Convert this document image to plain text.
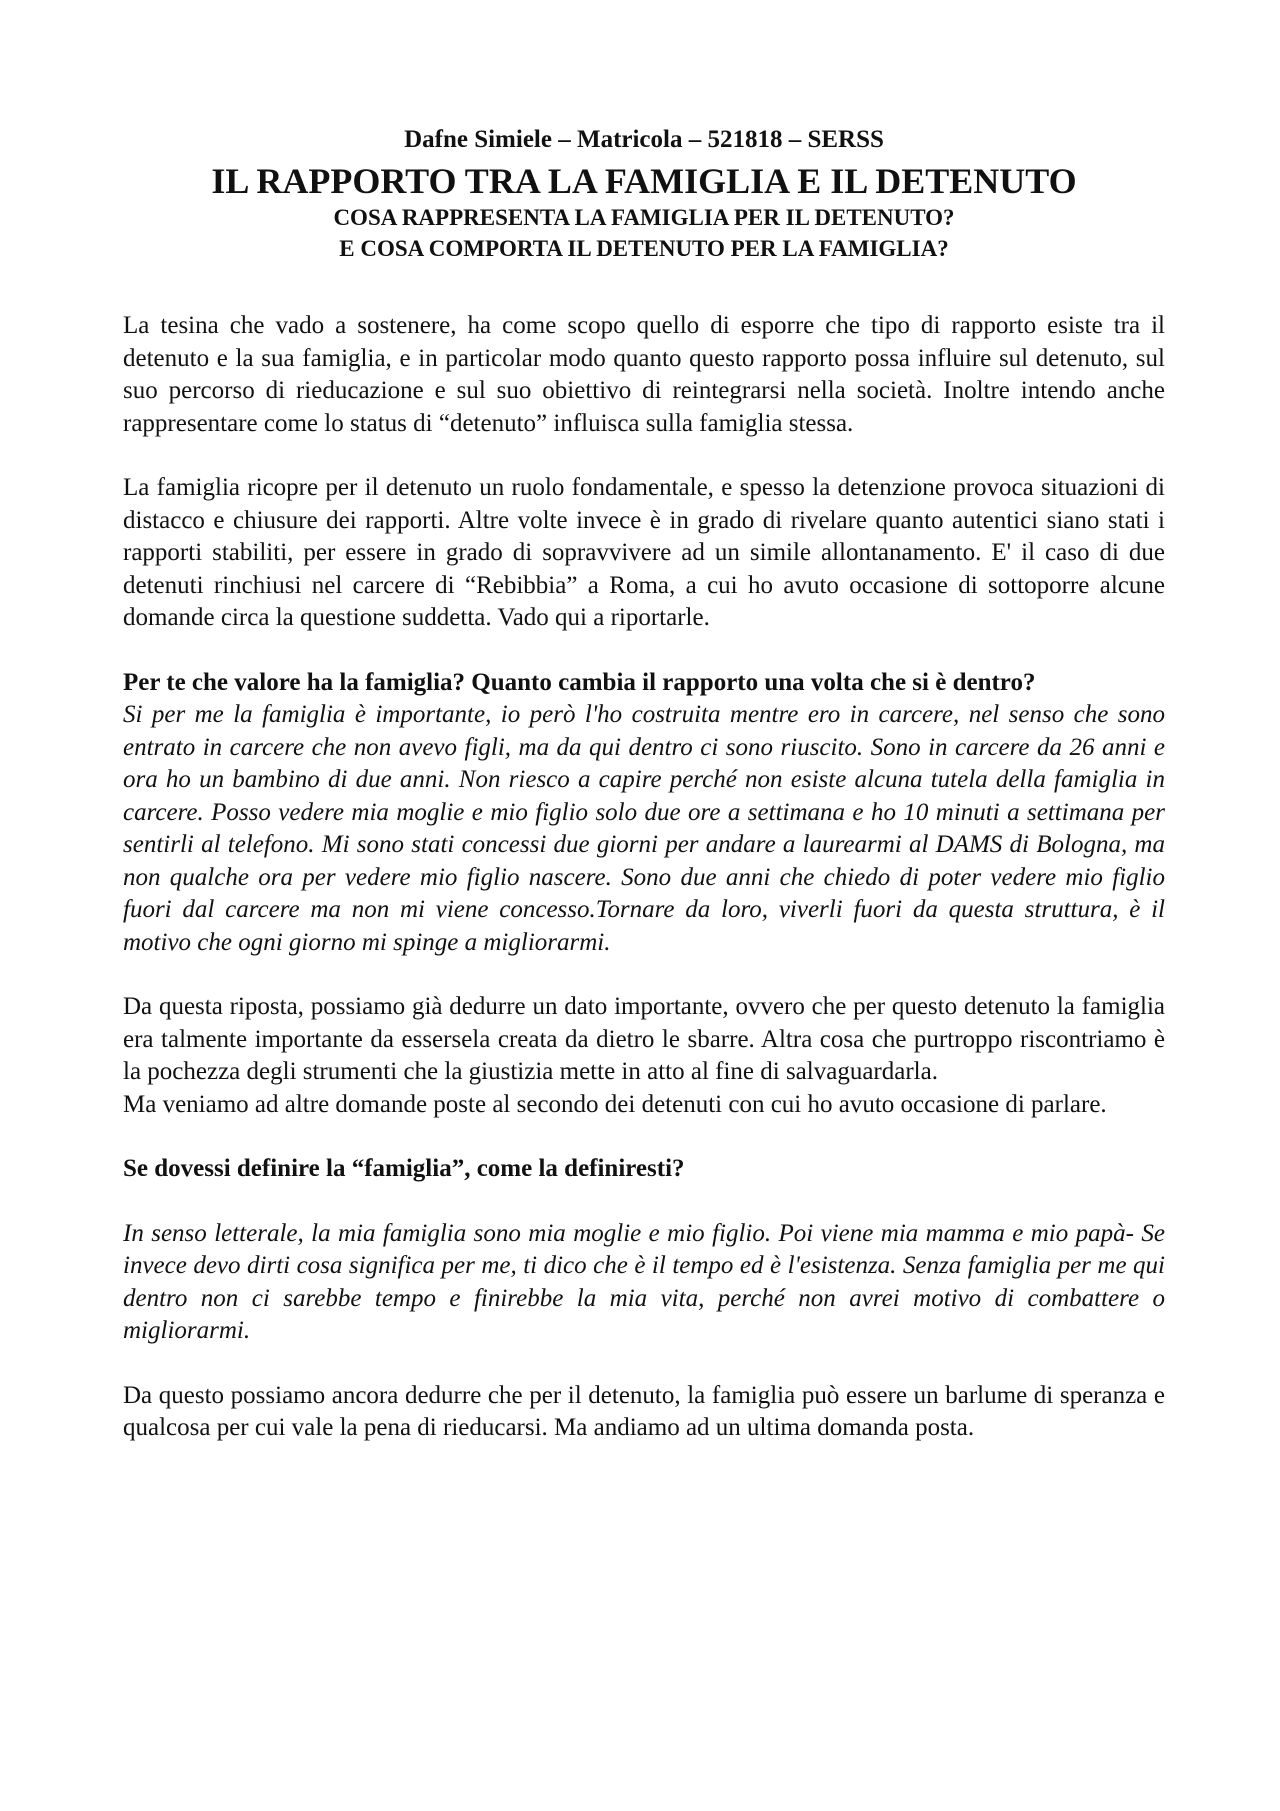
Dafne Simiele – Matricola – 521818 – SERSS
IL RAPPORTO TRA LA FAMIGLIA E IL DETENUTO
COSA RAPPRESENTA LA FAMIGLIA PER IL DETENUTO?
E COSA COMPORTA IL DETENUTO PER LA FAMIGLIA?

La tesina che vado a sostenere, ha come scopo quello di esporre che tipo di rapporto esiste tra il detenuto e la sua famiglia, e in particolar modo quanto questo rapporto possa influire sul detenuto, sul suo percorso di rieducazione e sul suo obiettivo di reintegrarsi nella società. Inoltre intendo anche rappresentare come lo status di “detenuto” influisca sulla famiglia stessa.

La famiglia ricopre per il detenuto un ruolo fondamentale, e spesso la detenzione provoca situazioni di distacco e chiusure dei rapporti. Altre volte invece è in grado di rivelare quanto autentici siano stati i rapporti stabiliti, per essere in grado di sopravvivere ad un simile allontanamento. E' il caso di due detenuti rinchiusi nel carcere di “Rebibbia” a Roma, a cui ho avuto occasione di sottoporre alcune domande circa la questione suddetta. Vado qui a riportarle.

Per te che valore ha la famiglia? Quanto cambia il rapporto una volta che si è dentro?

Si per me la famiglia è importante, io però l'ho costruita mentre ero in carcere, nel senso che sono entrato in carcere che non avevo figli, ma da qui dentro ci sono riuscito. Sono in carcere da 26 anni e ora ho un bambino di due anni. Non riesco a capire perché non esiste alcuna tutela della famiglia in carcere. Posso vedere mia moglie e mio figlio solo due ore a settimana e ho 10 minuti a settimana per sentirli al telefono. Mi sono stati concessi due giorni per andare a laurearmi al DAMS di Bologna, ma non qualche ora per vedere mio figlio nascere. Sono due anni che chiedo di poter vedere mio figlio fuori dal carcere ma non mi viene concesso.Tornare da loro, viverli fuori da questa struttura, è il motivo che ogni giorno mi spinge a migliorarmi.

Da questa riposta, possiamo già dedurre un dato importante, ovvero che per questo detenuto la famiglia era talmente importante da essersela creata da dietro le sbarre. Altra cosa che purtroppo riscontriamo è la pochezza degli strumenti che la giustizia mette in atto al fine di salvaguardarla.

Ma veniamo ad altre domande poste al secondo dei detenuti con cui ho avuto occasione di parlare.

Se dovessi definire la “famiglia”, come la definiresti?

In senso letterale, la mia famiglia sono mia moglie e mio figlio. Poi viene mia mamma e mio papà- Se invece devo dirti cosa significa per me, ti dico che è il tempo ed è l'esistenza. Senza famiglia per me qui dentro non ci sarebbe tempo e finirebbe la mia vita, perché non avrei motivo di combattere o migliorarmi.

Da questo possiamo ancora dedurre che per il detenuto, la famiglia può essere un barlume di speranza e qualcosa per cui vale la pena di rieducarsi. Ma andiamo ad un ultima domanda posta.
